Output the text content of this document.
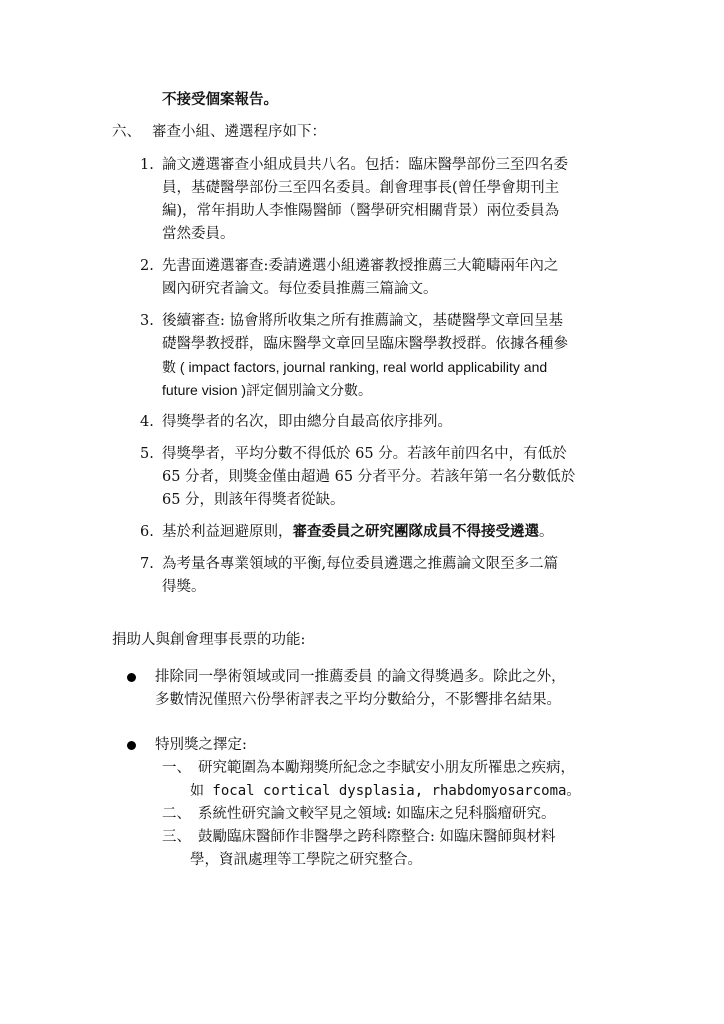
不接受個案報告。
六、 審查小組、遴選程序如下：
1. 論文遴選審查小組成員共八名。包括：臨床醫學部份三至四名委
員，基礎醫學部份三至四名委員。創會理事長(曾任學會期刊主
編)，常年捐助人李惟陽醫師（醫學研究相關背景）兩位委員為
當然委員。
2. 先書面遴選審查:委請遴選小組遴審教授推薦三大範疇兩年內之
國內研究者論文。每位委員推薦三篇論文。
3. 後續審查: 協會將所收集之所有推薦論文，基礎醫學文章回呈基
礎醫學教授群，臨床醫學文章回呈臨床醫學教授群。依據各種參
數 ( impact factors, journal ranking, real world applicability and
future vision )評定個別論文分數。
4. 得獎學者的名次，即由總分自最高依序排列。
5. 得獎學者，平均分數不得低於 65 分。若該年前四名中，有低於
65 分者，則獎金僅由超過 65 分者平分。若該年第一名分數低於
65 分，則該年得獎者從缺。
6. 基於利益迴避原則，審查委員之研究團隊成員不得接受遴選。
7. 為考量各專業領域的平衡,每位委員遴選之推薦論文限至多二篇
得獎。
捐助人與創會理事長票的功能:
排除同一學術領域或同一推薦委員 的論文得獎過多。除此之外，
多數情況僅照六份學術評表之平均分數給分，不影響排名結果。
特別獎之擇定:
一、 研究範圍為本勵翔獎所紀念之李賦安小朋友所罹患之疾病，
如 focal cortical dysplasia, rhabdomyosarcoma。
二、 系統性研究論文較罕見之領域: 如臨床之兒科腦瘤研究。
三、 鼓勵臨床醫師作非醫學之跨科際整合: 如臨床醫師與材料
學，資訊處理等工學院之研究整合。
